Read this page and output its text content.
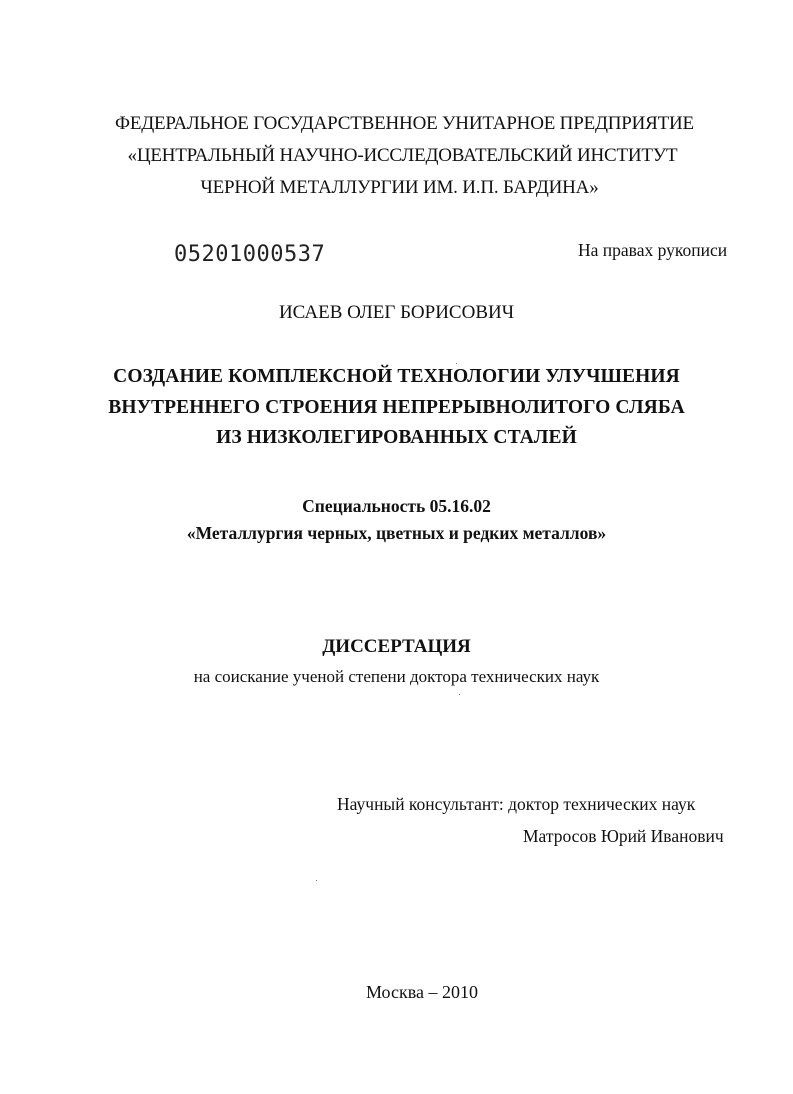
ФЕДЕРАЛЬНОЕ ГОСУДАРСТВЕННОЕ УНИТАРНОЕ ПРЕДПРИЯТИЕ
«ЦЕНТРАЛЬНЫЙ НАУЧНО-ИССЛЕДОВАТЕЛЬСКИЙ ИНСТИТУТ
ЧЕРНОЙ МЕТАЛЛУРГИИ ИМ. И.П. БАРДИНА»
05201000537	На правах рукописи
ИСАЕВ ОЛЕГ БОРИСОВИЧ
СОЗДАНИЕ КОМПЛЕКСНОЙ ТЕХНОЛОГИИ УЛУЧШЕНИЯ
ВНУТРЕННЕГО СТРОЕНИЯ НЕПРЕРЫВНОЛИТОГО СЛЯБА
ИЗ НИЗКОЛЕГИРОВАННЫХ СТАЛЕЙ
Специальность 05.16.02
«Металлургия черных, цветных и редких металлов»
ДИССЕРТАЦИЯ
на соискание ученой степени доктора технических наук
Научный консультант: доктор технических наук
Матросов Юрий Иванович
Москва – 2010
